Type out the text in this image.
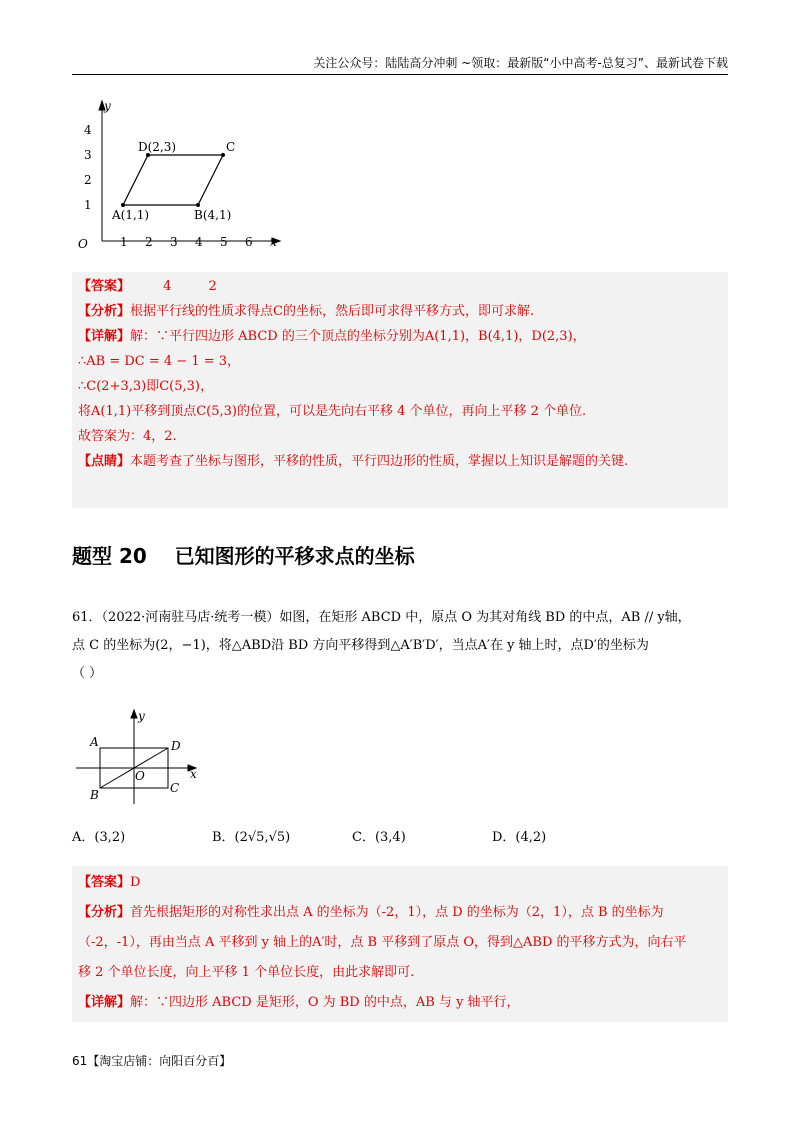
关注公众号：陆陆高分冲刺 ~领取：最新版“小中高考-总复习”、最新试卷下载
y
x
O	1 2 3 4 5 6
1
2
3
4
A(1,1)	B(4,1)
D(2,3)	C
【答案】        4         2
【分析】根据平行线的性质求得点C的坐标，然后即可求得平移方式，即可求解.
【详解】解：∵平行四边形 ABCD 的三个顶点的坐标分别为A(1,1)，B(4,1)，D(2,3)，
∴AB = DC = 4 − 1 = 3，
∴C(2+3,3)即C(5,3)，
将A(1,1)平移到顶点C(5,3)的位置，可以是先向右平移 4 个单位，再向上平移 2 个单位.
故答案为：4，2.
【点睛】本题考查了坐标与图形，平移的性质，平行四边形的性质，掌握以上知识是解题的关键.
题型 20    已知图形的平移求点的坐标
61．（2022·河南驻马店·统考一模）如图，在矩形 ABCD 中，原点 O 为其对角线 BD 的中点，AB // y轴，
点 C 的坐标为(2，−1)，将△ABD沿 BD 方向平移得到△A′B′D′，当点A′在 y 轴上时，点D′的坐标为
（ ）
A
B	C
D
O	x
y
A．(3,2)	B．(2√5,√5)	C．(3,4)	D．(4,2)
【答案】D
【分析】首先根据矩形的对称性求出点 A 的坐标为（-2，1），点 D 的坐标为（2，1），点 B 的坐标为
（-2，-1），再由当点 A 平移到 y 轴上的A′时，点 B 平移到了原点 O，得到△ABD 的平移方式为，向右平
移 2 个单位长度，向上平移 1 个单位长度，由此求解即可.
【详解】解：∵四边形 ABCD 是矩形，O 为 BD 的中点，AB 与 y 轴平行，
61【淘宝店铺：向阳百分百】
